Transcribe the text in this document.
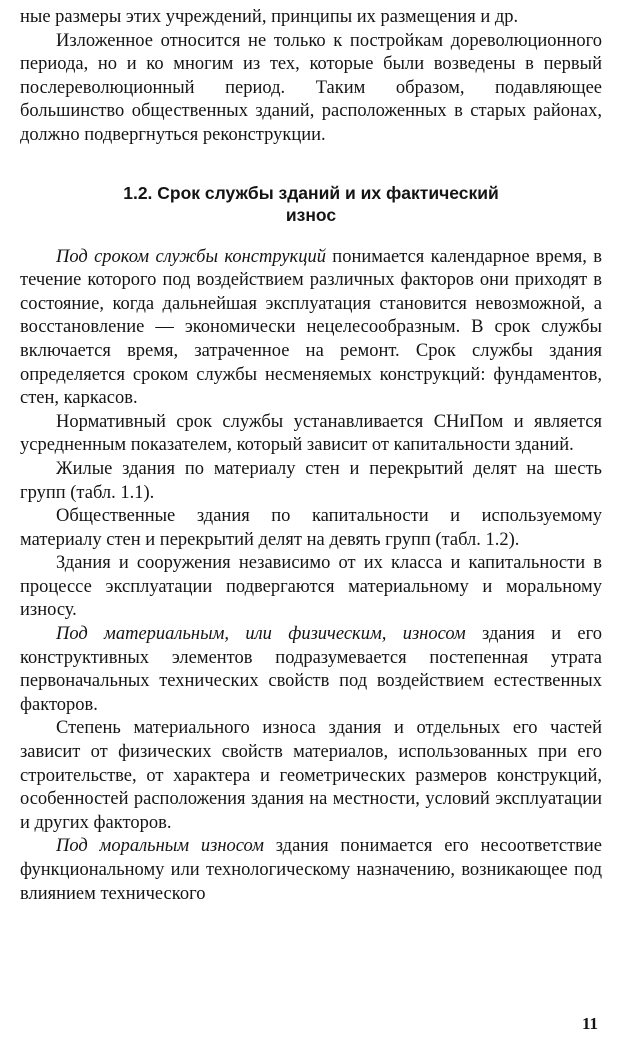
ные размеры этих учреждений, принципы их размещения и др.

Изложенное относится не только к постройкам дореволюционного периода, но и ко многим из тех, которые были возведены в первый послереволюционный период. Таким образом, подавляющее большинство общественных зданий, расположенных в старых районах, должно подвергнуться реконструкции.

1.2. Срок службы зданий и их фактический
износ

Под сроком службы конструкций понимается календарное время, в течение которого под воздействием различных факторов они приходят в состояние, когда дальнейшая эксплуатация становится невозможной, а восстановление — экономически нецелесообразным. В срок службы включается время, затраченное на ремонт. Срок службы здания определяется сроком службы несменяемых конструкций: фундаментов, стен, каркасов.

Нормативный срок службы устанавливается СНиПом и является усредненным показателем, который зависит от капитальности зданий.

Жилые здания по материалу стен и перекрытий делят на шесть групп (табл. 1.1).

Общественные здания по капитальности и используемому материалу стен и перекрытий делят на девять групп (табл. 1.2).

Здания и сооружения независимо от их класса и капитальности в процессе эксплуатации подвергаются материальному и моральному износу.

Под материальным, или физическим, износом здания и его конструктивных элементов подразумевается постепенная утрата первоначальных технических свойств под воздействием естественных факторов.

Степень материального износа здания и отдельных его частей зависит от физических свойств материалов, использованных при его строительстве, от характера и геометрических размеров конструкций, особенностей расположения здания на местности, условий эксплуатации и других факторов.

Под моральным износом здания понимается его несоответствие функциональному или технологическому назначению, возникающее под влиянием технического

11
